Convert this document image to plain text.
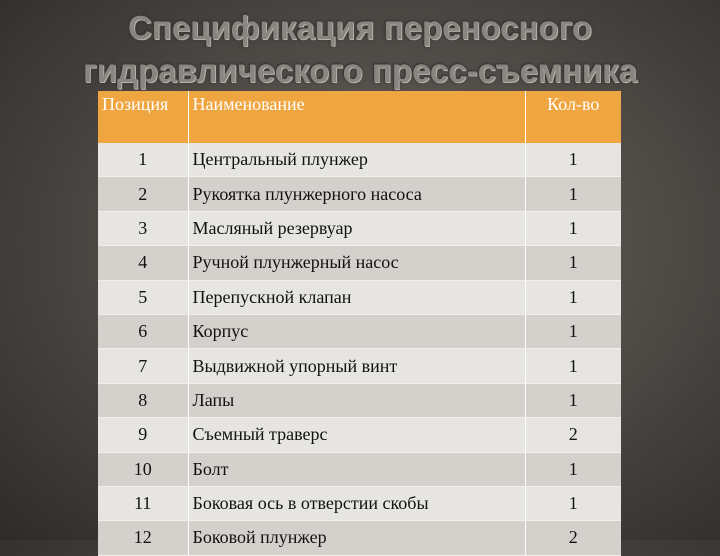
Спецификация переносного гидравлического пресс-съемника
Позиция	Наименование	Кол-во
1	Центральный плунжер	1
2	Рукоятка плунжерного насоса	1
3	Масляный резервуар	1
4	Ручной плунжерный насос	1
5	Перепускной клапан	1
6	Корпус	1
7	Выдвижной упорный винт	1
8	Лапы	1
9	Съемный траверс	2
10	Болт	1
11	Боковая ось в отверстии скобы	1
12	Боковой плунжер	2
